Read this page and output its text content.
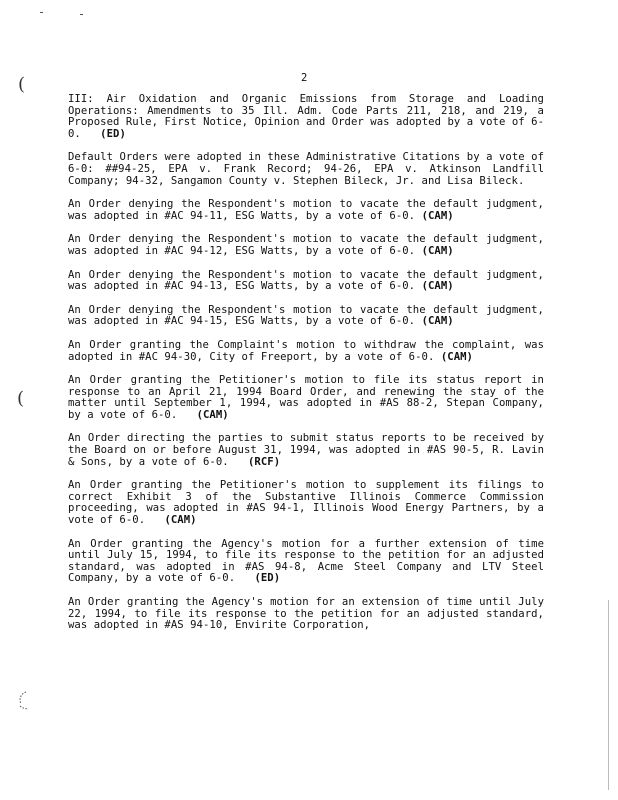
(
(
2

III: Air Oxidation and Organic Emissions from Storage and Loading Operations: Amendments to 35 Ill. Adm. Code Parts 211, 218, and 219, a Proposed Rule, First Notice, Opinion and Order was adopted by a vote of 6-0. (ED)

Default Orders were adopted in these Administrative Citations by a vote of 6-0: ##94-25, EPA v. Frank Record; 94-26, EPA v. Atkinson Landfill Company; 94-32, Sangamon County v. Stephen Bileck, Jr. and Lisa Bileck.

An Order denying the Respondent's motion to vacate the default judgment, was adopted in #AC 94-11, ESG Watts, by a vote of 6-0. (CAM)

An Order denying the Respondent's motion to vacate the default judgment, was adopted in #AC 94-12, ESG Watts, by a vote of 6-0. (CAM)

An Order denying the Respondent's motion to vacate the default judgment, was adopted in #AC 94-13, ESG Watts, by a vote of 6-0. (CAM)

An Order denying the Respondent's motion to vacate the default judgment, was adopted in #AC 94-15, ESG Watts, by a vote of 6-0. (CAM)

An Order granting the Complaint's motion to withdraw the complaint, was adopted in #AC 94-30, City of Freeport, by a vote of 6-0. (CAM)

An Order granting the Petitioner's motion to file its status report in response to an April 21, 1994 Board Order, and renewing the stay of the matter until September 1, 1994, was adopted in #AS 88-2, Stepan Company, by a vote of 6-0. (CAM)

An Order directing the parties to submit status reports to be received by the Board on or before August 31, 1994, was adopted in #AS 90-5, R. Lavin & Sons, by a vote of 6-0. (RCF)

An Order granting the Petitioner's motion to supplement its filings to correct Exhibit 3 of the Substantive Illinois Commerce Commission proceeding, was adopted in #AS 94-1, Illinois Wood Energy Partners, by a vote of 6-0. (CAM)

An Order granting the Agency's motion for a further extension of time until July 15, 1994, to file its response to the petition for an adjusted standard, was adopted in #AS 94-8, Acme Steel Company and LTV Steel Company, by a vote of 6-0. (ED)

An Order granting the Agency's motion for an extension of time until July 22, 1994, to file its response to the petition for an adjusted standard, was adopted in #AS 94-10, Envirite Corporation,
